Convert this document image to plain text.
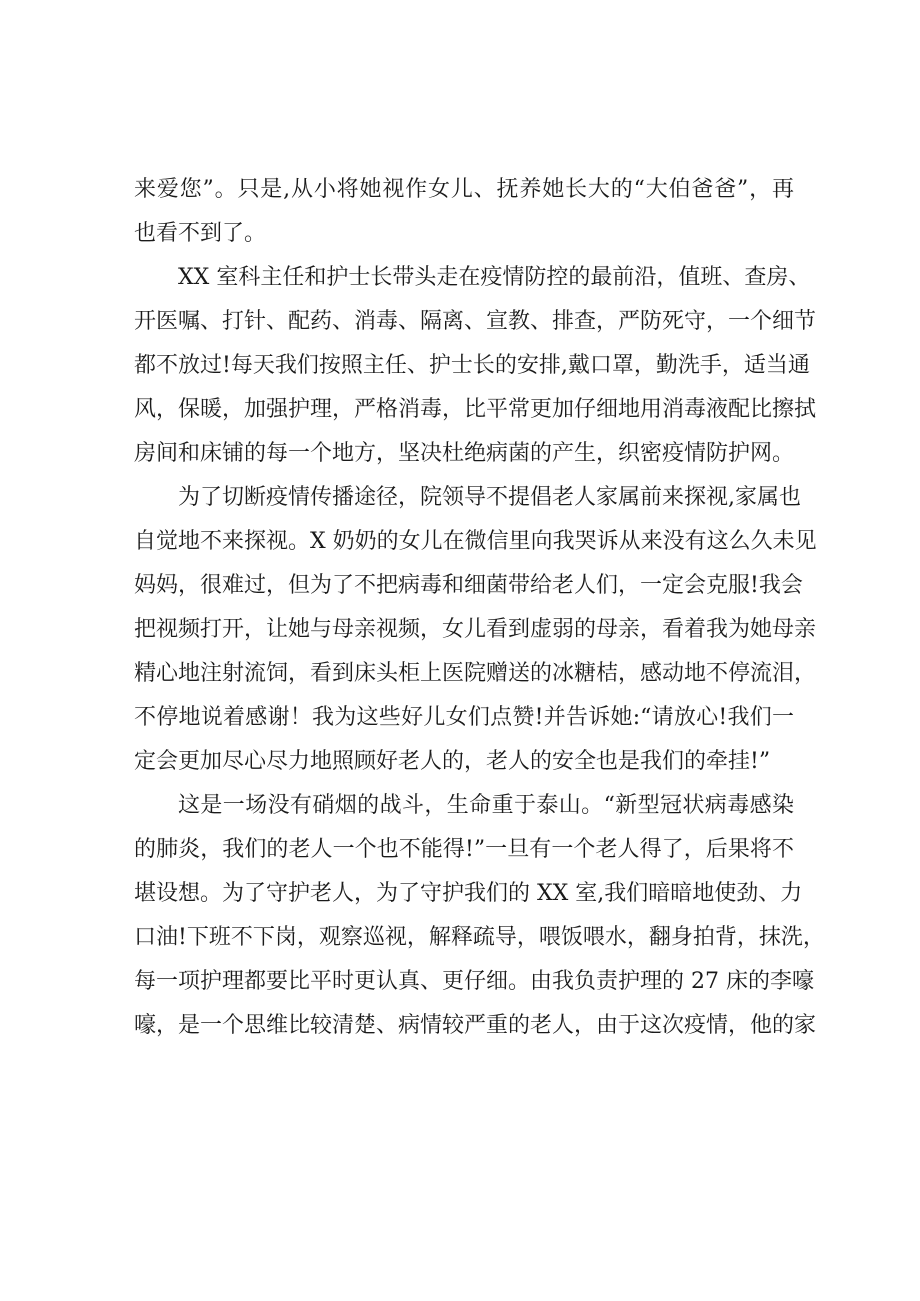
来爱您”。只是,从小将她视作女儿、抚养她长大的“大伯爸爸”，再
也看不到了。
XX 室科主任和护士长带头走在疫情防控的最前沿，值班、查房、
开医嘱、打针、配药、消毒、隔离、宣教、排查，严防死守，一个细节
都不放过!每天我们按照主任、护士长的安排,戴口罩，勤洗手，适当通
风，保暖，加强护理，严格消毒，比平常更加仔细地用消毒液配比擦拭
房间和床铺的每一个地方，坚决杜绝病菌的产生，织密疫情防护网。
为了切断疫情传播途径，院领导不提倡老人家属前来探视,家属也
自觉地不来探视。X 奶奶的女儿在微信里向我哭诉从来没有这么久未见
妈妈，很难过，但为了不把病毒和细菌带给老人们，一定会克服!我会
把视频打开，让她与母亲视频，女儿看到虚弱的母亲，看着我为她母亲
精心地注射流饲，看到床头柜上医院赠送的冰糖桔，感动地不停流泪，
不停地说着感谢！我为这些好儿女们点赞!并告诉她:“请放心!我们一
定会更加尽心尽力地照顾好老人的，老人的安全也是我们的牵挂!”
这是一场没有硝烟的战斗，生命重于泰山。“新型冠状病毒感染
的肺炎，我们的老人一个也不能得!”一旦有一个老人得了，后果将不
堪设想。为了守护老人，为了守护我们的 XX 室,我们暗暗地使劲、力
口油!下班不下岗，观察巡视，解释疏导，喂饭喂水，翻身拍背，抹洗，
每一项护理都要比平时更认真、更仔细。由我负责护理的 27 床的李嚎
嚎，是一个思维比较清楚、病情较严重的老人，由于这次疫情，他的家
